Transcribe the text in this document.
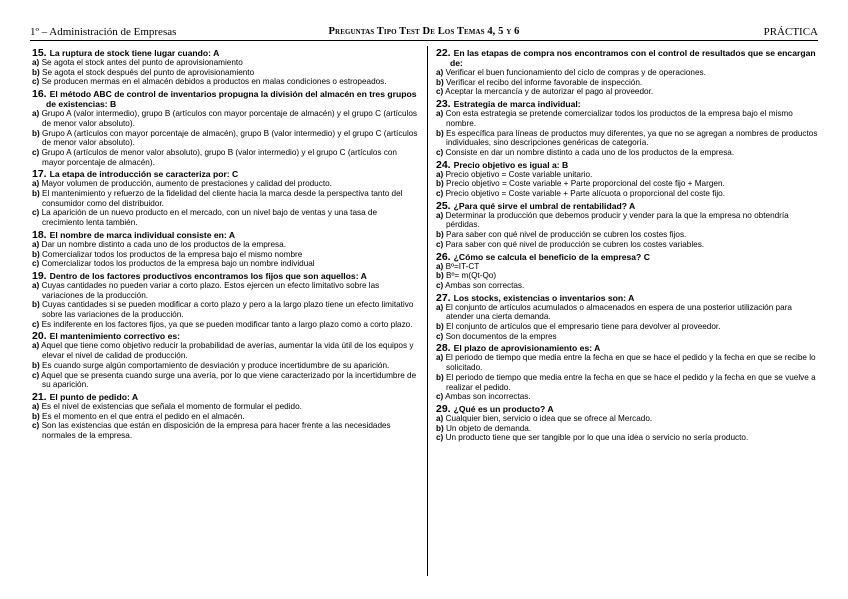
1º – Administración de Empresas	Preguntas Tipo Test De Los Temas 4, 5 y 6	PRÁCTICA
15. La ruptura de stock tiene lugar cuando: A
a) Se agota el stock antes del punto de aprovisionamiento
b) Se agota el stock después del punto de aprovisionamiento
c) Se producen mermas en el almacén debidos a productos en malas condiciones o estropeados.
16. El método ABC de control de inventarios propugna la división del almacén en tres grupos de existencias: B
a) Grupo A (valor intermedio), grupo B (artículos con mayor porcentaje de almacén) y el grupo C (artículos de menor valor absoluto).
b) Grupo A (artículos con mayor porcentaje de almacén), grupo B (valor intermedio) y el grupo C (artículos de menor valor absoluto).
c) Grupo A (artículos de menor valor absoluto), grupo B (valor intermedio) y el grupo C (artículos con mayor porcentaje de almacén).
17. La etapa de introducción se caracteriza por: C
a) Mayor volumen de producción, aumento de prestaciones y calidad del producto.
b) El mantenimiento y refuerzo de la fidelidad del cliente hacia la marca desde la perspectiva tanto del consumidor como del distribuidor.
c) La aparición de un nuevo producto en el mercado, con un nivel bajo de ventas y una tasa de crecimiento lenta también.
18. El nombre de marca individual consiste en: A
a) Dar un nombre distinto a cada uno de los productos de la empresa.
b) Comercializar todos los productos de la empresa bajo el mismo nombre
c) Comercializar todos los productos de la empresa bajo un nombre individual
19. Dentro de los factores productivos encontramos los fijos que son aquellos: A
a) Cuyas cantidades no pueden variar a corto plazo. Estos ejercen un efecto limitativo sobre las variaciones de la producción.
b) Cuyas cantidades si se pueden modificar a corto plazo y pero a la largo plazo tiene un efecto limitativo sobre las variaciones de la producción.
c) Es indiferente en los factores fijos, ya que se pueden modificar tanto a largo plazo como a corto plazo.
20. El mantenimiento correctivo es:
a) Aquel que tiene como objetivo reducir la probabilidad de averías, aumentar la vida útil de los equipos y elevar el nivel de calidad de producción.
b) Es cuando surge algún comportamiento de desviación y produce incertidumbre de su aparición.
c) Aquel que se presenta cuando surge una avería, por lo que viene caracterizado por la incertidumbre de su aparición.
21. El punto de pedido: A
a) Es el nivel de existencias que señala el momento de formular el pedido.
b) Es el momento en el que entra el pedido en el almacén.
c) Son las existencias que están en disposición de la empresa para hacer frente a las necesidades normales de la empresa.
22. En las etapas de compra nos encontramos con el control de resultados que se encargan de:
a) Verificar el buen funcionamiento del ciclo de compras y de operaciones.
b) Verificar el recibo del informe favorable de inspección.
c) Aceptar la mercancía y de autorizar el pago al proveedor.
23. Estrategia de marca individual:
a) Con esta estrategia se pretende comercializar todos los productos de la empresa bajo el mismo nombre.
b) Es específica para líneas de productos muy diferentes, ya que no se agregan a nombres de productos individuales, sino descripciones genéricas de categoría.
c) Consiste en dar un nombre distinto a cada uno de los productos de la empresa.
24. Precio objetivo es igual a: B
a) Precio objetivo = Coste variable unitario.
b) Precio objetivo = Coste variable + Parte proporcional del coste fijo + Margen.
c) Precio objetivo = Coste variable + Parte alícuota o proporcional del coste fijo.
25. ¿Para qué sirve el umbral de rentabilidad? A
a) Determinar la producción que debemos producir y vender para la que la empresa no obtendría pérdidas.
b) Para saber con qué nivel de producción se cubren los costes fijos.
c) Para saber con qué nivel de producción se cubren los costes variables.
26. ¿Cómo se calcula el beneficio de la empresa? C
a) Bº=IT-CT
b) Bº= m(Qt-Qo)
c) Ambas son correctas.
27. Los stocks, existencias o inventarios son: A
a) El conjunto de artículos acumulados o almacenados en espera de una posterior utilización para atender una cierta demanda.
b) El conjunto de artículos que el empresario tiene para devolver al proveedor.
c) Son documentos de la empres
28. El plazo de aprovisionamiento es: A
a) El periodo de tiempo que media entre la fecha en que se hace el pedido y la fecha en que se recibe lo solicitado.
b) El periodo de tiempo que media entre la fecha en que se hace el pedido y la fecha en que se vuelve a realizar el pedido.
c) Ambas son incorrectas.
29. ¿Qué es un producto? A
a) Cualquier bien, servicio o idea que se ofrece al Mercado.
b) Un objeto de demanda.
c) Un producto tiene que ser tangible por lo que una idea o servicio no sería producto.
